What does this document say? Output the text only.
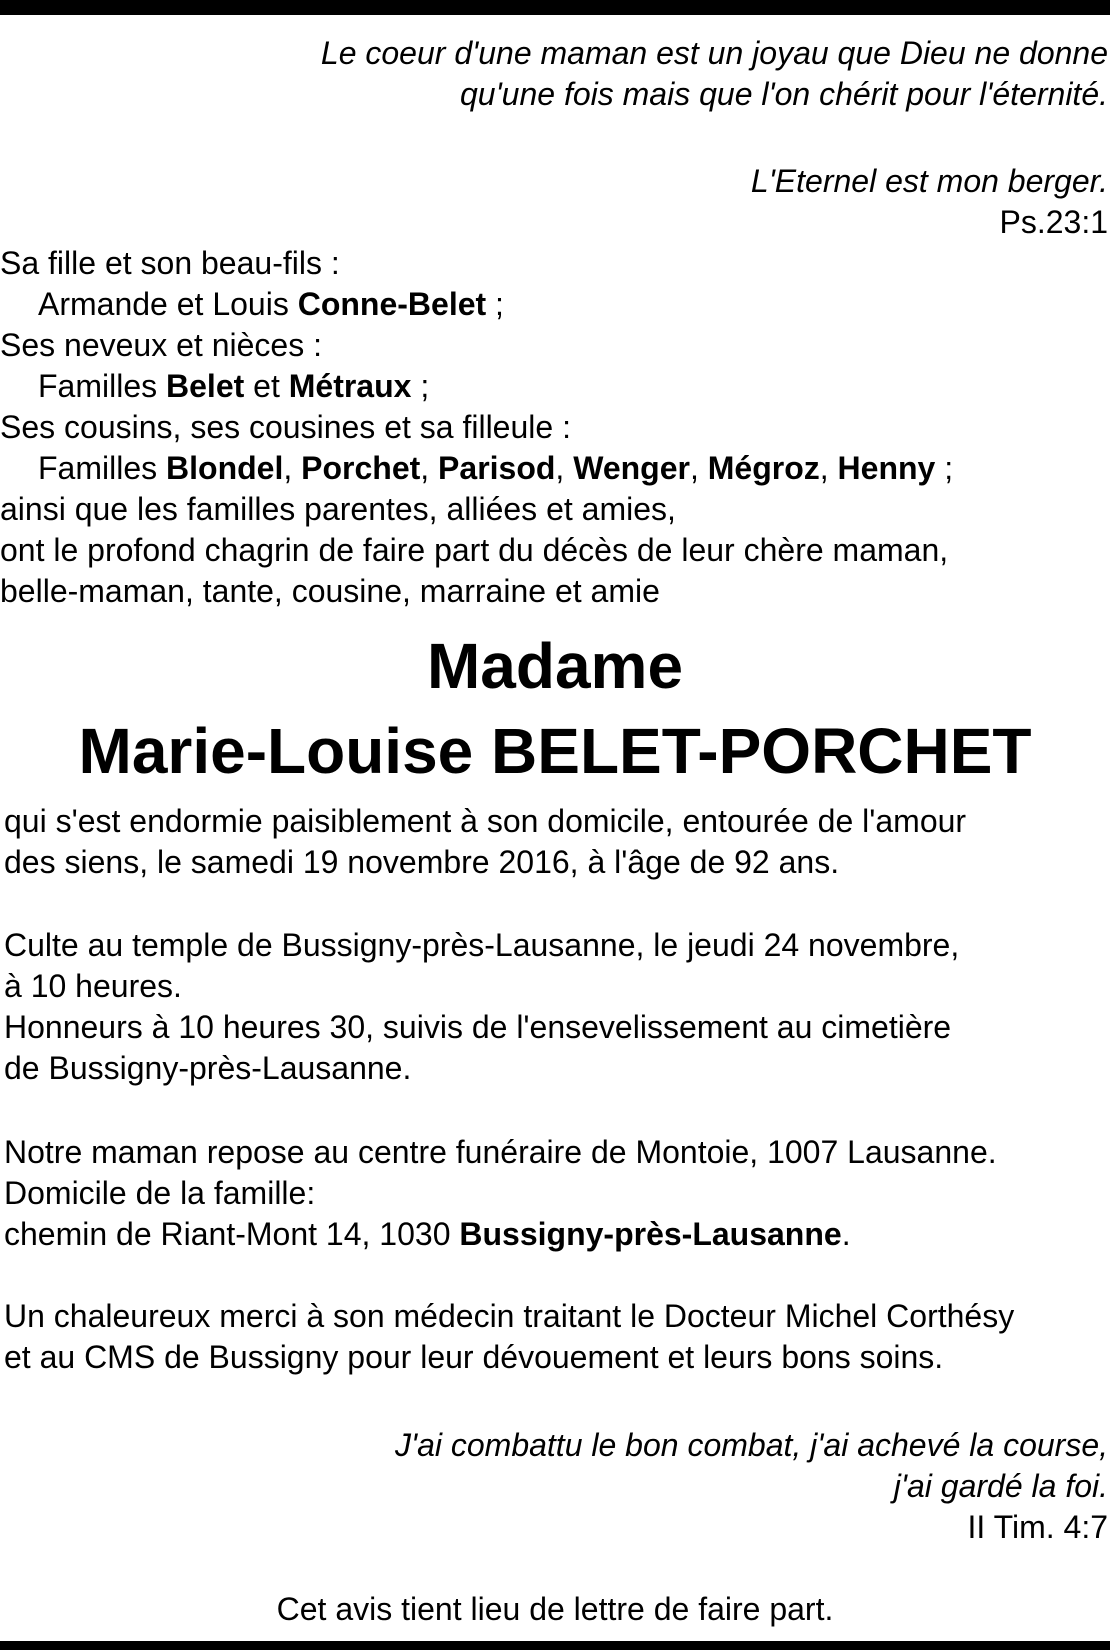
Le coeur d'une maman est un joyau que Dieu ne donne
qu'une fois mais que l'on chérit pour l'éternité.
L'Eternel est mon berger.
Ps.23:1
Sa fille et son beau-fils :
Armande et Louis Conne-Belet ;
Ses neveux et nièces :
Familles Belet et Métraux ;
Ses cousins, ses cousines et sa filleule :
Familles Blondel, Porchet, Parisod, Wenger, Mégroz, Henny ;
ainsi que les familles parentes, alliées et amies,
ont le profond chagrin de faire part du décès de leur chère maman,
belle-maman, tante, cousine, marraine et amie
Madame
Marie-Louise BELET-PORCHET
qui s'est endormie paisiblement à son domicile, entourée de l'amour
des siens, le samedi 19 novembre 2016, à l'âge de 92 ans.
Culte au temple de Bussigny-près-Lausanne, le jeudi 24 novembre,
à 10 heures.
Honneurs à 10 heures 30, suivis de l'ensevelissement au cimetière
de Bussigny-près-Lausanne.
Notre maman repose au centre funéraire de Montoie, 1007 Lausanne.
Domicile de la famille:
chemin de Riant-Mont 14, 1030 Bussigny-près-Lausanne.
Un chaleureux merci à son médecin traitant le Docteur Michel Corthésy
et au CMS de Bussigny pour leur dévouement et leurs bons soins.
J'ai combattu le bon combat, j'ai achevé la course,
j'ai gardé la foi.
II Tim. 4:7
Cet avis tient lieu de lettre de faire part.
